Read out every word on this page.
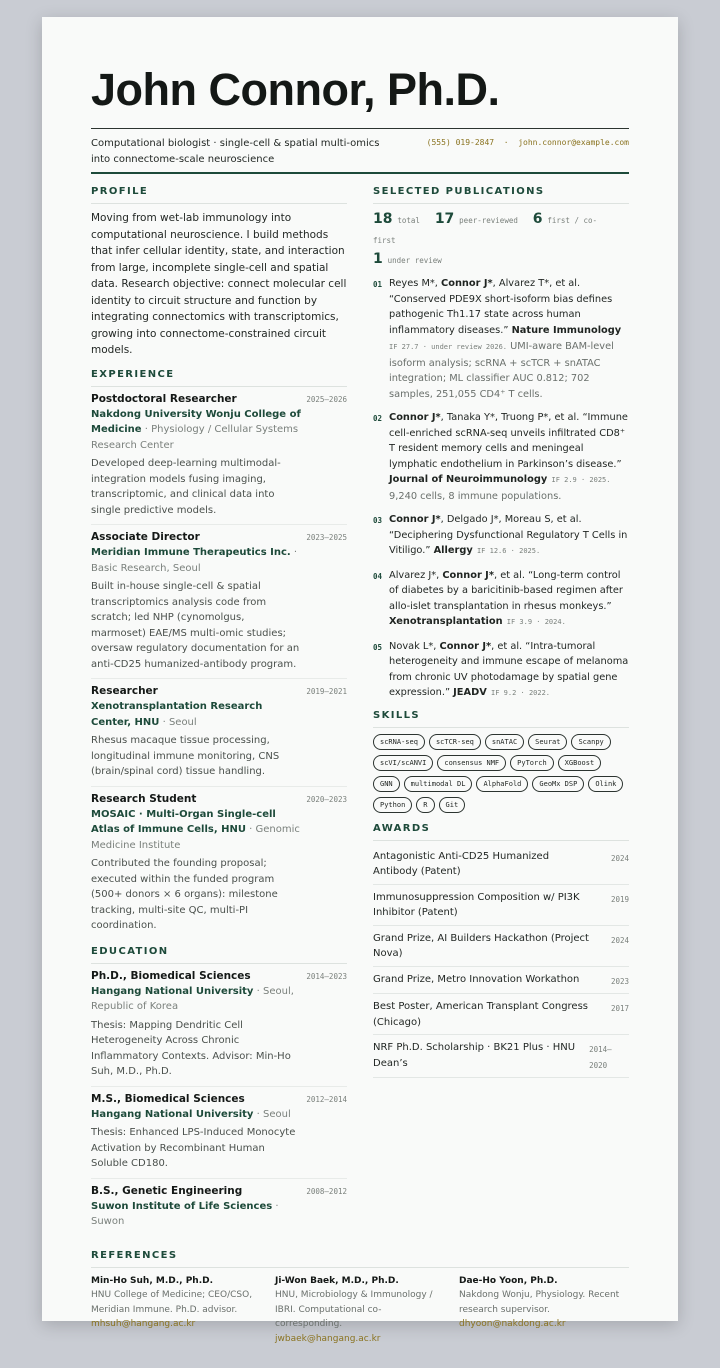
John Connor, Ph.D.
Computational biologist · single-cell & spatial multi-omics into connectome-scale neuroscience
(555) 019-2847 · john.connor@example.com
PROFILE
Moving from wet-lab immunology into computational neuroscience. I build methods that infer cellular identity, state, and interaction from large, incomplete single-cell and spatial data. Research objective: connect molecular cell identity to circuit structure and function by integrating connectomics with transcriptomics, growing into connectome-constrained circuit models.
EXPERIENCE
Postdoctoral Researcher	2025–2026
Nakdong University Wonju College of Medicine · Physiology / Cellular Systems Research Center
Developed deep-learning multimodal-integration models fusing imaging, transcriptomic, and clinical data into single predictive models.
Associate Director	2023–2025
Meridian Immune Therapeutics Inc. · Basic Research, Seoul
Built in-house single-cell & spatial transcriptomics analysis code from scratch; led NHP (cynomolgus, marmoset) EAE/MS multi-omic studies; oversaw regulatory documentation for an anti-CD25 humanized-antibody program.
Researcher	2019–2021
Xenotransplantation Research Center, HNU · Seoul
Rhesus macaque tissue processing, longitudinal immune monitoring, CNS (brain/spinal cord) tissue handling.
Research Student	2020–2023
MOSAIC · Multi-Organ Single-cell Atlas of Immune Cells, HNU · Genomic Medicine Institute
Contributed the founding proposal; executed within the funded program (500+ donors × 6 organs): milestone tracking, multi-site QC, multi-PI coordination.
EDUCATION
Ph.D., Biomedical Sciences	2014–2023
Hangang National University · Seoul, Republic of Korea
Thesis: Mapping Dendritic Cell Heterogeneity Across Chronic Inflammatory Contexts. Advisor: Min-Ho Suh, M.D., Ph.D.
M.S., Biomedical Sciences	2012–2014
Hangang National University · Seoul
Thesis: Enhanced LPS-Induced Monocyte Activation by Recombinant Human Soluble CD180.
B.S., Genetic Engineering	2008–2012
Suwon Institute of Life Sciences · Suwon
SELECTED PUBLICATIONS
18 total 17 peer-reviewed 6 first / co-first
1 under review
01 Reyes M*, Connor J*, Alvarez T*, et al. “Conserved PDE9X short-isoform bias defines pathogenic Th1.17 state across human inflammatory diseases.” Nature Immunology IF 27.7 · under review 2026. UMI-aware BAM-level isoform analysis; scRNA + scTCR + snATAC integration; ML classifier AUC 0.812; 702 samples, 251,055 CD4⁺ T cells.
02 Connor J*, Tanaka Y*, Truong P*, et al. “Immune cell-enriched scRNA-seq unveils infiltrated CD8⁺ T resident memory cells and meningeal lymphatic endothelium in Parkinson’s disease.” Journal of Neuroimmunology IF 2.9 · 2025. 9,240 cells, 8 immune populations.
03 Connor J*, Delgado J*, Moreau S, et al. “Deciphering Dysfunctional Regulatory T Cells in Vitiligo.” Allergy IF 12.6 · 2025.
04 Alvarez J*, Connor J*, et al. “Long-term control of diabetes by a baricitinib-based regimen after allo-islet transplantation in rhesus monkeys.” Xenotransplantation IF 3.9 · 2024.
05 Novak L*, Connor J*, et al. “Intra-tumoral heterogeneity and immune escape of melanoma from chronic UV photodamage by spatial gene expression.” JEADV IF 9.2 · 2022.
SKILLS
scRNA-seq	scTCR-seq	snATAC	Seurat	Scanpy
scVI/scANVI	consensus NMF	PyTorch	XGBoost
GNN	multimodal DL	AlphaFold	GeoMx DSP	Olink
Python	R	Git
AWARDS
Antagonistic Anti-CD25 Humanized Antibody (Patent)
2024
Immunosuppression Composition w/ PI3K Inhibitor (Patent)
2019
Grand Prize, AI Builders Hackathon (Project Nova)
2024
Grand Prize, Metro Innovation Workathon	2023
Best Poster, American Transplant Congress (Chicago)
2017
NRF Ph.D. Scholarship · BK21 Plus · HNU Dean’s
2014–2020
REFERENCES
Min-Ho Suh, M.D., Ph.D.
HNU College of Medicine; CEO/CSO, Meridian Immune. Ph.D. advisor.
mhsuh@hangang.ac.kr
Ji-Won Baek, M.D., Ph.D.
HNU, Microbiology & Immunology / IBRI. Computational co-corresponding.
jwbaek@hangang.ac.kr
Dae-Ho Yoon, Ph.D.
Nakdong Wonju, Physiology. Recent research supervisor.
dhyoon@nakdong.ac.kr
